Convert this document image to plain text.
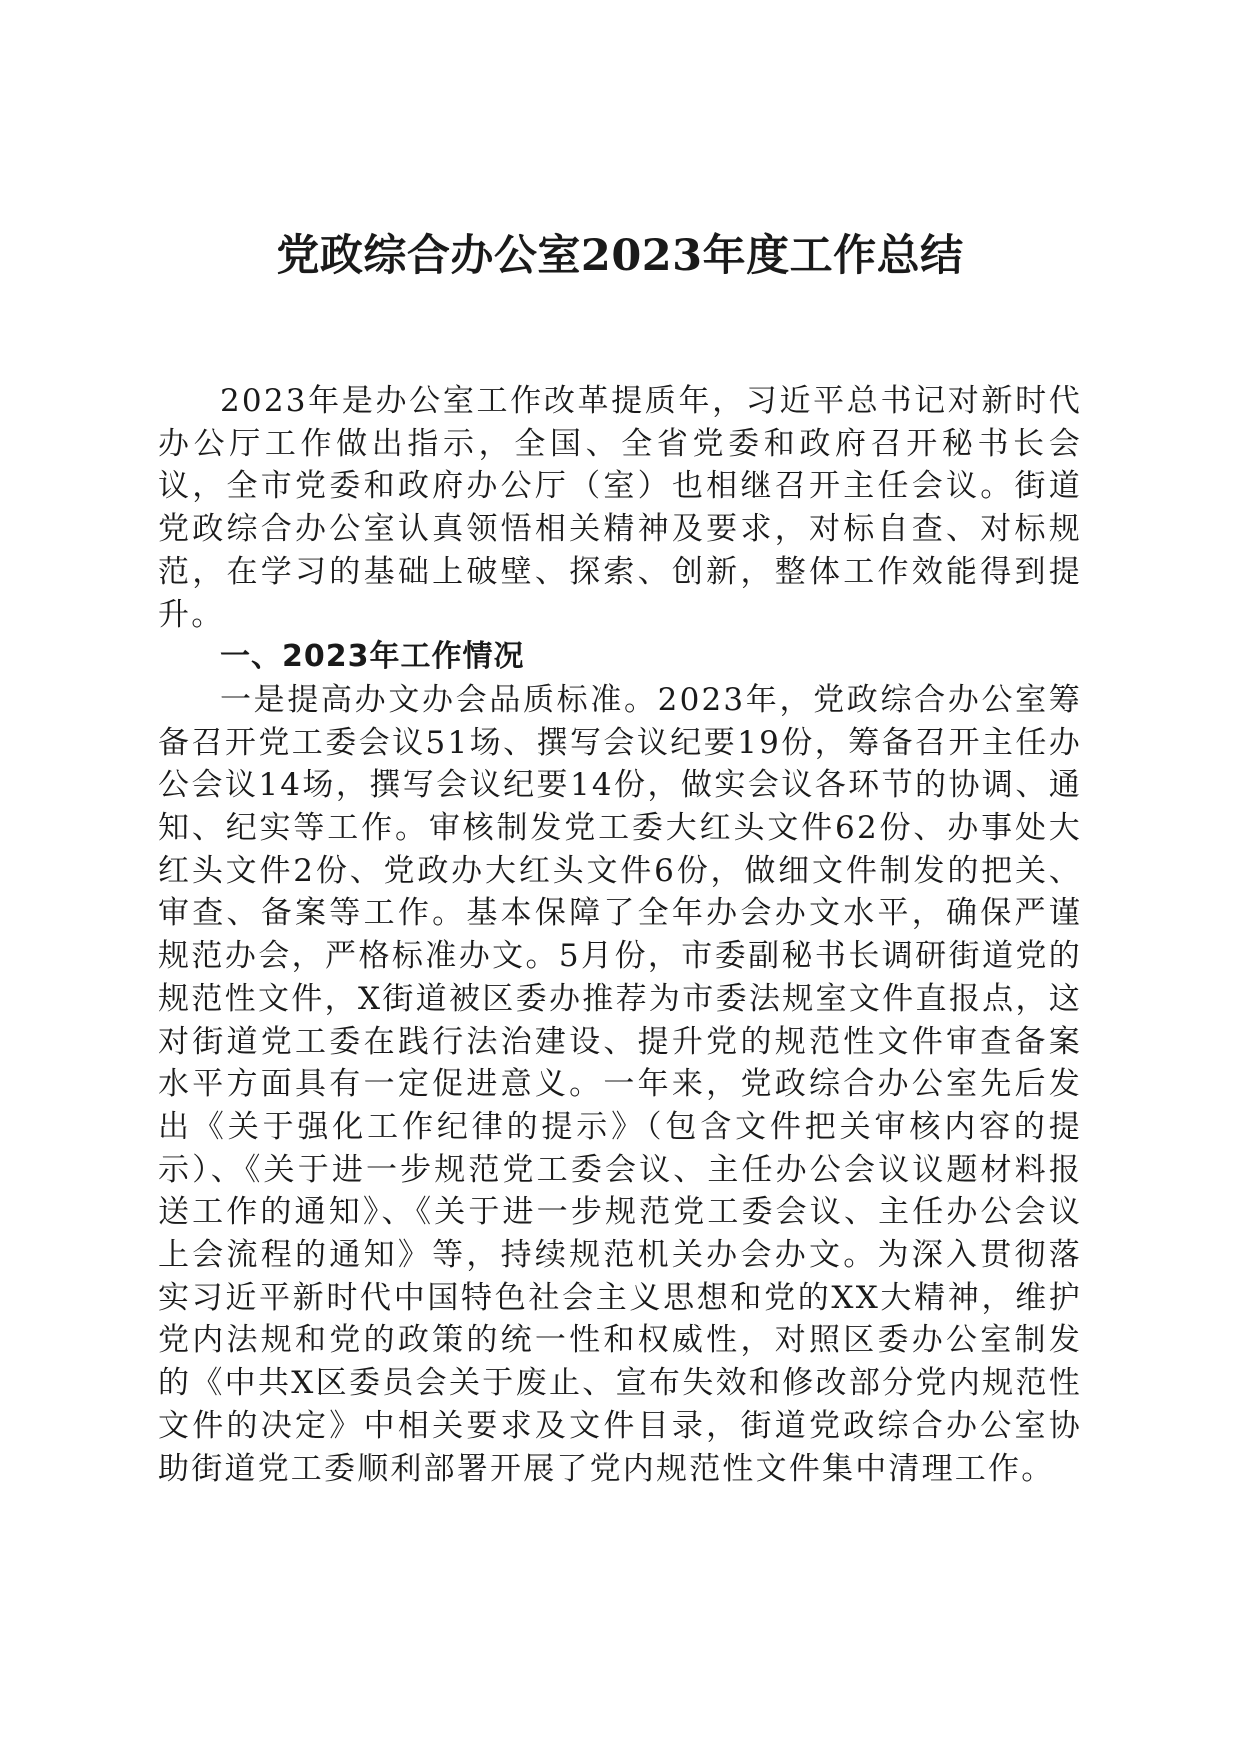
党政综合办公室2023年度工作总结

2023年是办公室工作改革提质年，习近平总书记对新时代办公厅工作做出指示，全国、全省党委和政府召开秘书长会议，全市党委和政府办公厅（室）也相继召开主任会议。街道党政综合办公室认真领悟相关精神及要求，对标自查、对标规范，在学习的基础上破壁、探索、创新，整体工作效能得到提升。

一、2023年工作情况

一是提高办文办会品质标准。2023年，党政综合办公室筹备召开党工委会议51场、撰写会议纪要19份，筹备召开主任办公会议14场，撰写会议纪要14份，做实会议各环节的协调、通知、纪实等工作。审核制发党工委大红头文件62份、办事处大红头文件2份、党政办大红头文件6份，做细文件制发的把关、审查、备案等工作。基本保障了全年办会办文水平，确保严谨规范办会，严格标准办文。5月份，市委副秘书长调研街道党的规范性文件，X街道被区委办推荐为市委法规室文件直报点，这对街道党工委在践行法治建设、提升党的规范性文件审查备案水平方面具有一定促进意义。一年来，党政综合办公室先后发出《关于强化工作纪律的提示》（包含文件把关审核内容的提示）、《关于进一步规范党工委会议、主任办公会议议题材料报送工作的通知》、《关于进一步规范党工委会议、主任办公会议上会流程的通知》等，持续规范机关办会办文。为深入贯彻落实习近平新时代中国特色社会主义思想和党的XX大精神，维护党内法规和党的政策的统一性和权威性，对照区委办公室制发的《中共X区委员会关于废止、宣布失效和修改部分党内规范性文件的决定》中相关要求及文件目录，街道党政综合办公室协助街道党工委顺利部署开展了党内规范性文件集中清理工作。
